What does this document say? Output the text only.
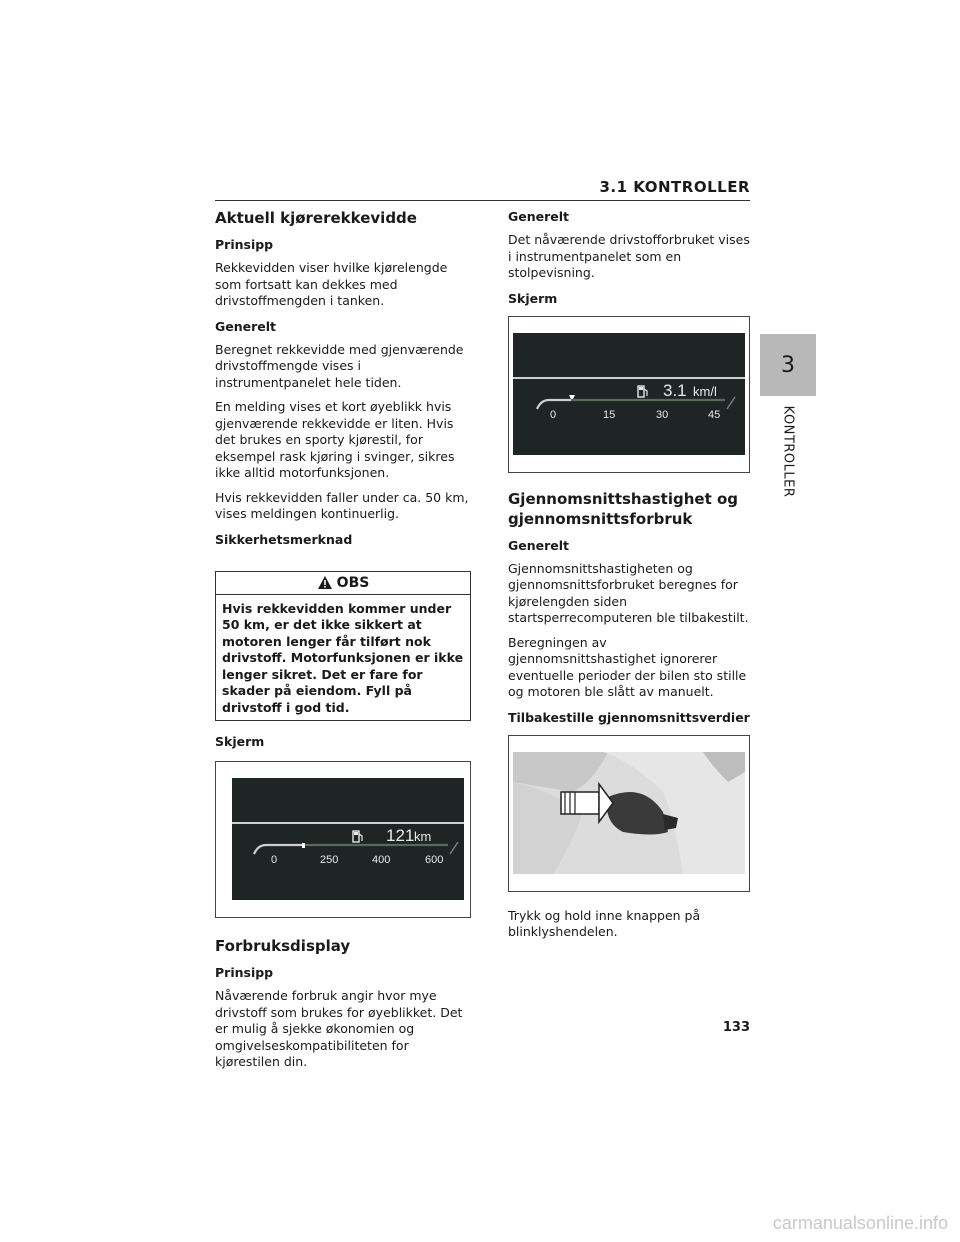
3.1 KONTROLLER
3
KONTROLLER
Aktuell kjørerekkevidde
Prinsipp

Rekkevidden viser hvilke kjørelengde som fortsatt kan dekkes med drivstoffmengden i tanken.

Generelt

Beregnet rekkevidde med gjenværende drivstoffmengde vises i instrumentpanelet hele tiden.

En melding vises et kort øyeblikk hvis gjenværende rekkevidde er liten. Hvis det brukes en sporty kjørestil, for eksempel rask kjøring i svinger, sikres ikke alltid motorfunksjonen.

Hvis rekkevidden faller under ca. 50 km, vises meldingen kontinuerlig.

Sikkerhetsmerknad
OBS
Hvis rekkevidden kommer under 50 km, er det ikke sikkert at motoren lenger får tilført nok drivstoff. Motorfunksjonen er ikke lenger sikret. Det er fare for skader på eiendom. Fyll på drivstoff i god tid.
Skjerm
121 km
0	250	400	600
Forbruksdisplay
Prinsipp

Nåværende forbruk angir hvor mye drivstoff som brukes for øyeblikket. Det er mulig å sjekke økonomien og omgivelseskompatibiliteten for kjørestilen din.

Generelt

Det nåværende drivstofforbruket vises i instrumentpanelet som en stolpevisning.

Skjerm
3.1 km/l
0	15	30	45
Gjennomsnittshastighet og gjennomsnittsforbruk
Generelt

Gjennomsnittshastigheten og gjennomsnittsforbruket beregnes for kjørelengden siden startsperrecomputeren ble tilbakestilt.

Beregningen av gjennomsnittshastighet ignorerer eventuelle perioder der bilen sto stille og motoren ble slått av manuelt.

Tilbakestille gjennomsnittsverdier

Trykk og hold inne knappen på blinklyshendelen.

133
carmanualsonline.info
